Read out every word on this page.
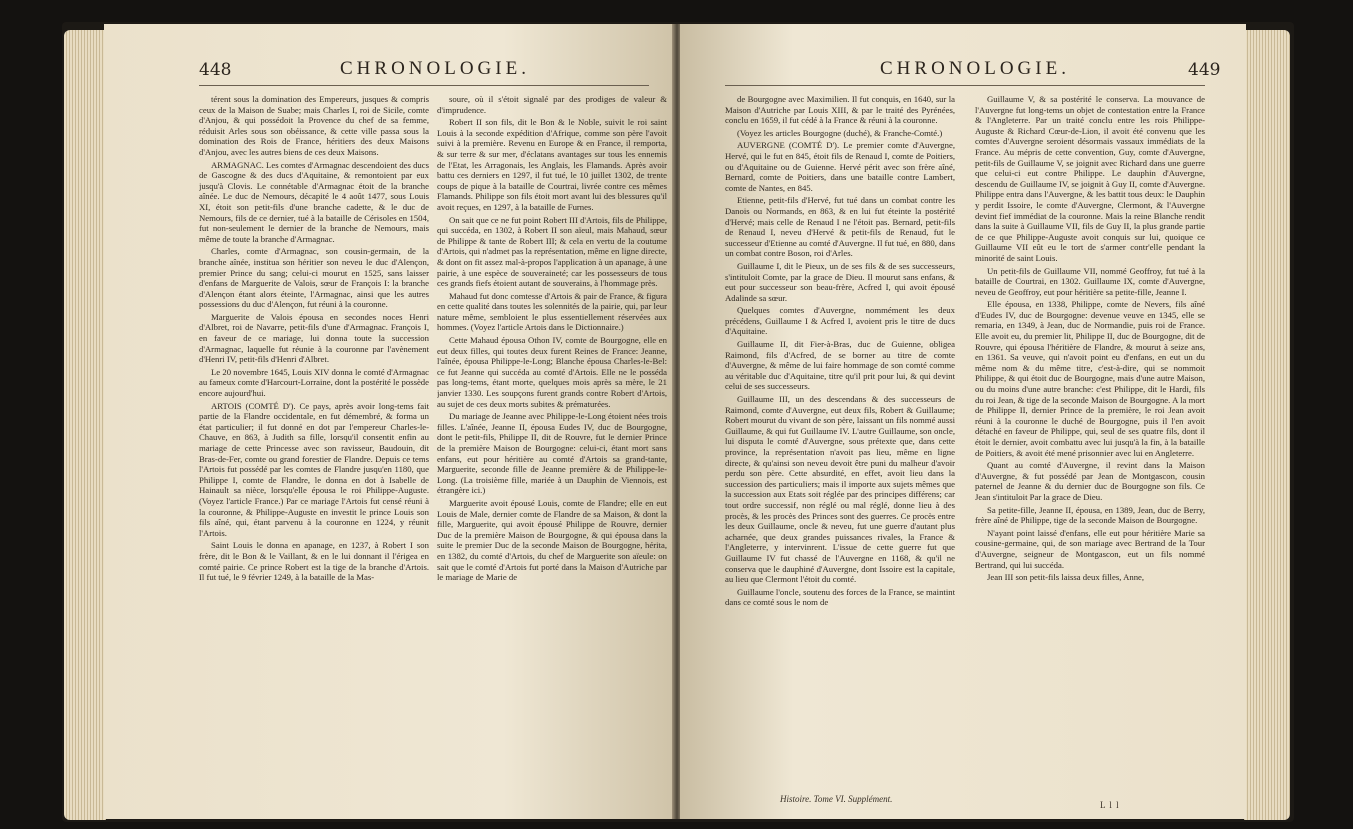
448	CHRONOLOGIE.

térent sous la domination des Empereurs, jusques & compris ceux de la Maison de Suabe; mais Charles I, roi de Sicile, comte d'Anjou, & qui possédoit la Provence du chef de sa femme, réduisit Arles sous son obéissance, & cette ville passa sous la domination des Rois de France, héritiers des deux Maisons d'Anjou, avec les autres biens de ces deux Maisons.

ARMAGNAC. Les comtes d'Armagnac descendoient des ducs de Gascogne & des ducs d'Aquitaine, & remontoient par eux jusqu'à Clovis. Le connétable d'Armagnac étoit de la branche aînée. Le duc de Nemours, décapité le 4 août 1477, sous Louis XI, étoit son petit-fils d'une branche cadette, & le duc de Nemours, fils de ce dernier, tué à la bataille de Cérisoles en 1504, fut non-seulement le dernier de la branche de Nemours, mais même de toute la branche d'Armagnac.

Charles, comte d'Armagnac, son cousin-germain, de la branche aînée, institua son héritier son neveu le duc d'Alençon, premier Prince du sang; celui-ci mourut en 1525, sans laisser d'enfans de Marguerite de Valois, sœur de François I: la branche d'Alençon étant alors éteinte, l'Armagnac, ainsi que les autres possessions du duc d'Alençon, fut réuni à la couronne.

Marguerite de Valois épousa en secondes noces Henri d'Albret, roi de Navarre, petit-fils d'une d'Armagnac. François I, en faveur de ce mariage, lui donna toute la succession d'Armagnac, laquelle fut réunie à la couronne par l'avènement d'Henri IV, petit-fils d'Henri d'Albret.

Le 20 novembre 1645, Louis XIV donna le comté d'Armagnac au fameux comte d'Harcourt-Lorraine, dont la postérité le possède encore aujourd'hui.

ARTOIS (COMTÉ D'). Ce pays, après avoir long-tems fait partie de la Flandre occidentale, en fut démembré, & forma un état particulier; il fut donné en dot par l'empereur Charles-le-Chauve, en 863, à Judith sa fille, lorsqu'il consentit enfin au mariage de cette Princesse avec son ravisseur, Baudouin, dit Bras-de-Fer, comte ou grand forestier de Flandre. Depuis ce tems l'Artois fut possédé par les comtes de Flandre jusqu'en 1180, que Philippe I, comte de Flandre, le donna en dot à Isabelle de Hainault sa nièce, lorsqu'elle épousa le roi Philippe-Auguste. (Voyez l'article France.) Par ce mariage l'Artois fut censé réuni à la couronne, & Philippe-Auguste en investit le prince Louis son fils aîné, qui, étant parvenu à la couronne en 1224, y réunit l'Artois.

Saint Louis le donna en apanage, en 1237, à Robert I son frère, dit le Bon & le Vaillant, & en le lui donnant il l'érigea en comté pairie. Ce prince Robert est la tige de la branche d'Artois. Il fut tué, le 9 février 1249, à la bataille de la Mas-

soure, où il s'étoit signalé par des prodiges de valeur & d'imprudence.

Robert II son fils, dit le Bon & le Noble, suivit le roi saint Louis à la seconde expédition d'Afrique, comme son père l'avoit suivi à la première. Revenu en Europe & en France, il remporta, & sur terre & sur mer, d'éclatans avantages sur tous les ennemis de l'Etat, les Arragonais, les Anglais, les Flamands. Après avoir battu ces derniers en 1297, il fut tué, le 10 juillet 1302, de trente coups de pique à la bataille de Courtrai, livrée contre ces mêmes Flamands. Philippe son fils étoit mort avant lui des blessures qu'il avoit reçues, en 1297, à la bataille de Furnes.

On sait que ce ne fut point Robert III d'Artois, fils de Philippe, qui succéda, en 1302, à Robert II son aïeul, mais Mahaud, sœur de Philippe & tante de Robert III; & cela en vertu de la coutume d'Artois, qui n'admet pas la représentation, même en ligne directe, & dont on fit assez mal-à-propos l'application à un apanage, à une pairie, à une espèce de souveraineté; car les possesseurs de tous ces grands fiefs étoient autant de souverains, à l'hommage près.

Mahaud fut donc comtesse d'Artois & pair de France, & figura en cette qualité dans toutes les solennités de la pairie, qui, par leur nature même, sembloient le plus essentiellement réservées aux hommes. (Voyez l'article Artois dans le Dictionnaire.)

Cette Mahaud épousa Othon IV, comte de Bourgogne, elle en eut deux filles, qui toutes deux furent Reines de France: Jeanne, l'aînée, épousa Philippe-le-Long; Blanche épousa Charles-le-Bel: ce fut Jeanne qui succéda au comté d'Artois. Elle ne le posséda pas long-tems, étant morte, quelques mois après sa mère, le 21 janvier 1330. Les soupçons furent grands contre Robert d'Artois, au sujet de ces deux morts subites & prématurées.

Du mariage de Jeanne avec Philippe-le-Long étoient nées trois filles. L'aînée, Jeanne II, épousa Eudes IV, duc de Bourgogne, dont le petit-fils, Philippe II, dit de Rouvre, fut le dernier Prince de la première Maison de Bourgogne: celui-ci, étant mort sans enfans, eut pour héritière au comté d'Artois sa grand-tante, Marguerite, seconde fille de Jeanne première & de Philippe-le-Long. (La troisième fille, mariée à un Dauphin de Viennois, est étrangère ici.)

Marguerite avoit épousé Louis, comte de Flandre; elle en eut Louis de Male, dernier comte de Flandre de sa Maison, & dont la fille, Marguerite, qui avoit épousé Philippe de Rouvre, dernier Duc de la première Maison de Bourgogne, & qui épousa dans la suite le premier Duc de la seconde Maison de Bourgogne, hérita, en 1382, du comté d'Artois, du chef de Marguerite son aïeule: on sait que le comté d'Artois fut porté dans la Maison d'Autriche par le mariage de Marie de

CHRONOLOGIE.	449

de Bourgogne avec Maximilien. Il fut conquis, en 1640, sur la Maison d'Autriche par Louis XIII, & par le traité des Pyrénées, conclu en 1659, il fut cédé à la France & réuni à la couronne.

(Voyez les articles Bourgogne (duché), & Franche-Comté.)

AUVERGNE (COMTÉ D'). Le premier comte d'Auvergne, Hervé, qui le fut en 845, étoit fils de Renaud I, comte de Poitiers, ou d'Aquitaine ou de Guienne. Hervé périt avec son frère aîné, Bernard, comte de Poitiers, dans une bataille contre Lambert, comte de Nantes, en 845.

Etienne, petit-fils d'Hervé, fut tué dans un combat contre les Danois ou Normands, en 863, & en lui fut éteinte la postérité d'Hervé; mais celle de Renaud I ne l'étoit pas. Bernard, petit-fils de Renaud I, neveu d'Hervé & petit-fils de Renaud, fut le successeur d'Etienne au comté d'Auvergne. Il fut tué, en 880, dans un combat contre Boson, roi d'Arles.

Guillaume I, dit le Pieux, un de ses fils & de ses successeurs, s'intituloit Comte, par la grace de Dieu. Il mourut sans enfans, & eut pour successeur son beau-frère, Acfred I, qui avoit épousé Adalinde sa sœur.

Quelques comtes d'Auvergne, nommément les deux précédens, Guillaume I & Acfred I, avoient pris le titre de ducs d'Aquitaine.

Guillaume II, dit Fier-à-Bras, duc de Guienne, obligea Raimond, fils d'Acfred, de se borner au titre de comte d'Auvergne, & même de lui faire hommage de son comté comme au véritable duc d'Aquitaine, titre qu'il prit pour lui, & qui devint celui de ses successeurs.

Guillaume III, un des descendans & des successeurs de Raimond, comte d'Auvergne, eut deux fils, Robert & Guillaume; Robert mourut du vivant de son père, laissant un fils nommé aussi Guillaume, & qui fut Guillaume IV. L'autre Guillaume, son oncle, lui disputa le comté d'Auvergne, sous prétexte que, dans cette province, la représentation n'avoit pas lieu, même en ligne directe, & qu'ainsi son neveu devoit être puni du malheur d'avoir perdu son père. Cette absurdité, en effet, avoit lieu dans la succession des particuliers; mais il importe aux sujets mêmes que la succession aux Etats soit réglée par des principes différens; car tout ordre successif, non réglé ou mal réglé, donne lieu à des procès, & les procès des Princes sont des guerres. Ce procès entre les deux Guillaume, oncle & neveu, fut une guerre d'autant plus acharnée, que deux grandes puissances rivales, la France & l'Angleterre, y intervinrent. L'issue de cette guerre fut que Guillaume IV fut chassé de l'Auvergne en 1168, & qu'il ne conserva que le dauphiné d'Auvergne, dont Issoire est la capitale, au lieu que Clermont l'étoit du comté.

Guillaume l'oncle, soutenu des forces de la France, se maintint dans ce comté sous le nom de

Guillaume V, & sa postérité le conserva. La mouvance de l'Auvergne fut long-tems un objet de contestation entre la France & l'Angleterre. Par un traité conclu entre les rois Philippe-Auguste & Richard Cœur-de-Lion, il avoit été convenu que les comtes d'Auvergne seroient désormais vassaux immédiats de la France. Au mépris de cette convention, Guy, comte d'Auvergne, petit-fils de Guillaume V, se joignit avec Richard dans une guerre que celui-ci eut contre Philippe. Le dauphin d'Auvergne, descendu de Guillaume IV, se joignit à Guy II, comte d'Auvergne. Philippe entra dans l'Auvergne, & les battit tous deux: le Dauphin y perdit Issoire, le comte d'Auvergne, Clermont, & l'Auvergne devint fief immédiat de la couronne. Mais la reine Blanche rendit dans la suite à Guillaume VII, fils de Guy II, la plus grande partie de ce que Philippe-Auguste avoit conquis sur lui, quoique ce Guillaume VII eût eu le tort de s'armer contr'elle pendant la minorité de saint Louis.

Un petit-fils de Guillaume VII, nommé Geoffroy, fut tué à la bataille de Courtrai, en 1302. Guillaume IX, comte d'Auvergne, neveu de Geoffroy, eut pour héritière sa petite-fille, Jeanne I.

Elle épousa, en 1338, Philippe, comte de Nevers, fils aîné d'Eudes IV, duc de Bourgogne: devenue veuve en 1345, elle se remaria, en 1349, à Jean, duc de Normandie, puis roi de France. Elle avoit eu, du premier lit, Philippe II, duc de Bourgogne, dit de Rouvre, qui épousa l'héritière de Flandre, & mourut à seize ans, en 1361. Sa veuve, qui n'avoit point eu d'enfans, en eut un du même nom & du même titre, c'est-à-dire, qui se nommoit Philippe, & qui étoit duc de Bourgogne, mais d'une autre Maison, ou du moins d'une autre branche: c'est Philippe, dit le Hardi, fils du roi Jean, & tige de la seconde Maison de Bourgogne. A la mort de Philippe II, dernier Prince de la première, le roi Jean avoit réuni à la couronne le duché de Bourgogne, puis il l'en avoit détaché en faveur de Philippe, qui, seul de ses quatre fils, dont il étoit le dernier, avoit combattu avec lui jusqu'à la fin, à la bataille de Poitiers, & avoit été mené prisonnier avec lui en Angleterre.

Quant au comté d'Auvergne, il revint dans la Maison d'Auvergne, & fut possédé par Jean de Montgascon, cousin paternel de Jeanne & du dernier duc de Bourgogne son fils. Ce Jean s'intituloit Par la grace de Dieu.

Sa petite-fille, Jeanne II, épousa, en 1389, Jean, duc de Berry, frère aîné de Philippe, tige de la seconde Maison de Bourgogne.

N'ayant point laissé d'enfans, elle eut pour héritière Marie sa cousine-germaine, qui, de son mariage avec Bertrand de la Tour d'Auvergne, seigneur de Montgascon, eut un fils nommé Bertrand, qui lui succéda.

Jean III son petit-fils laissa deux filles, Anne,

Histoire. Tome VI. Supplément.
L l l
